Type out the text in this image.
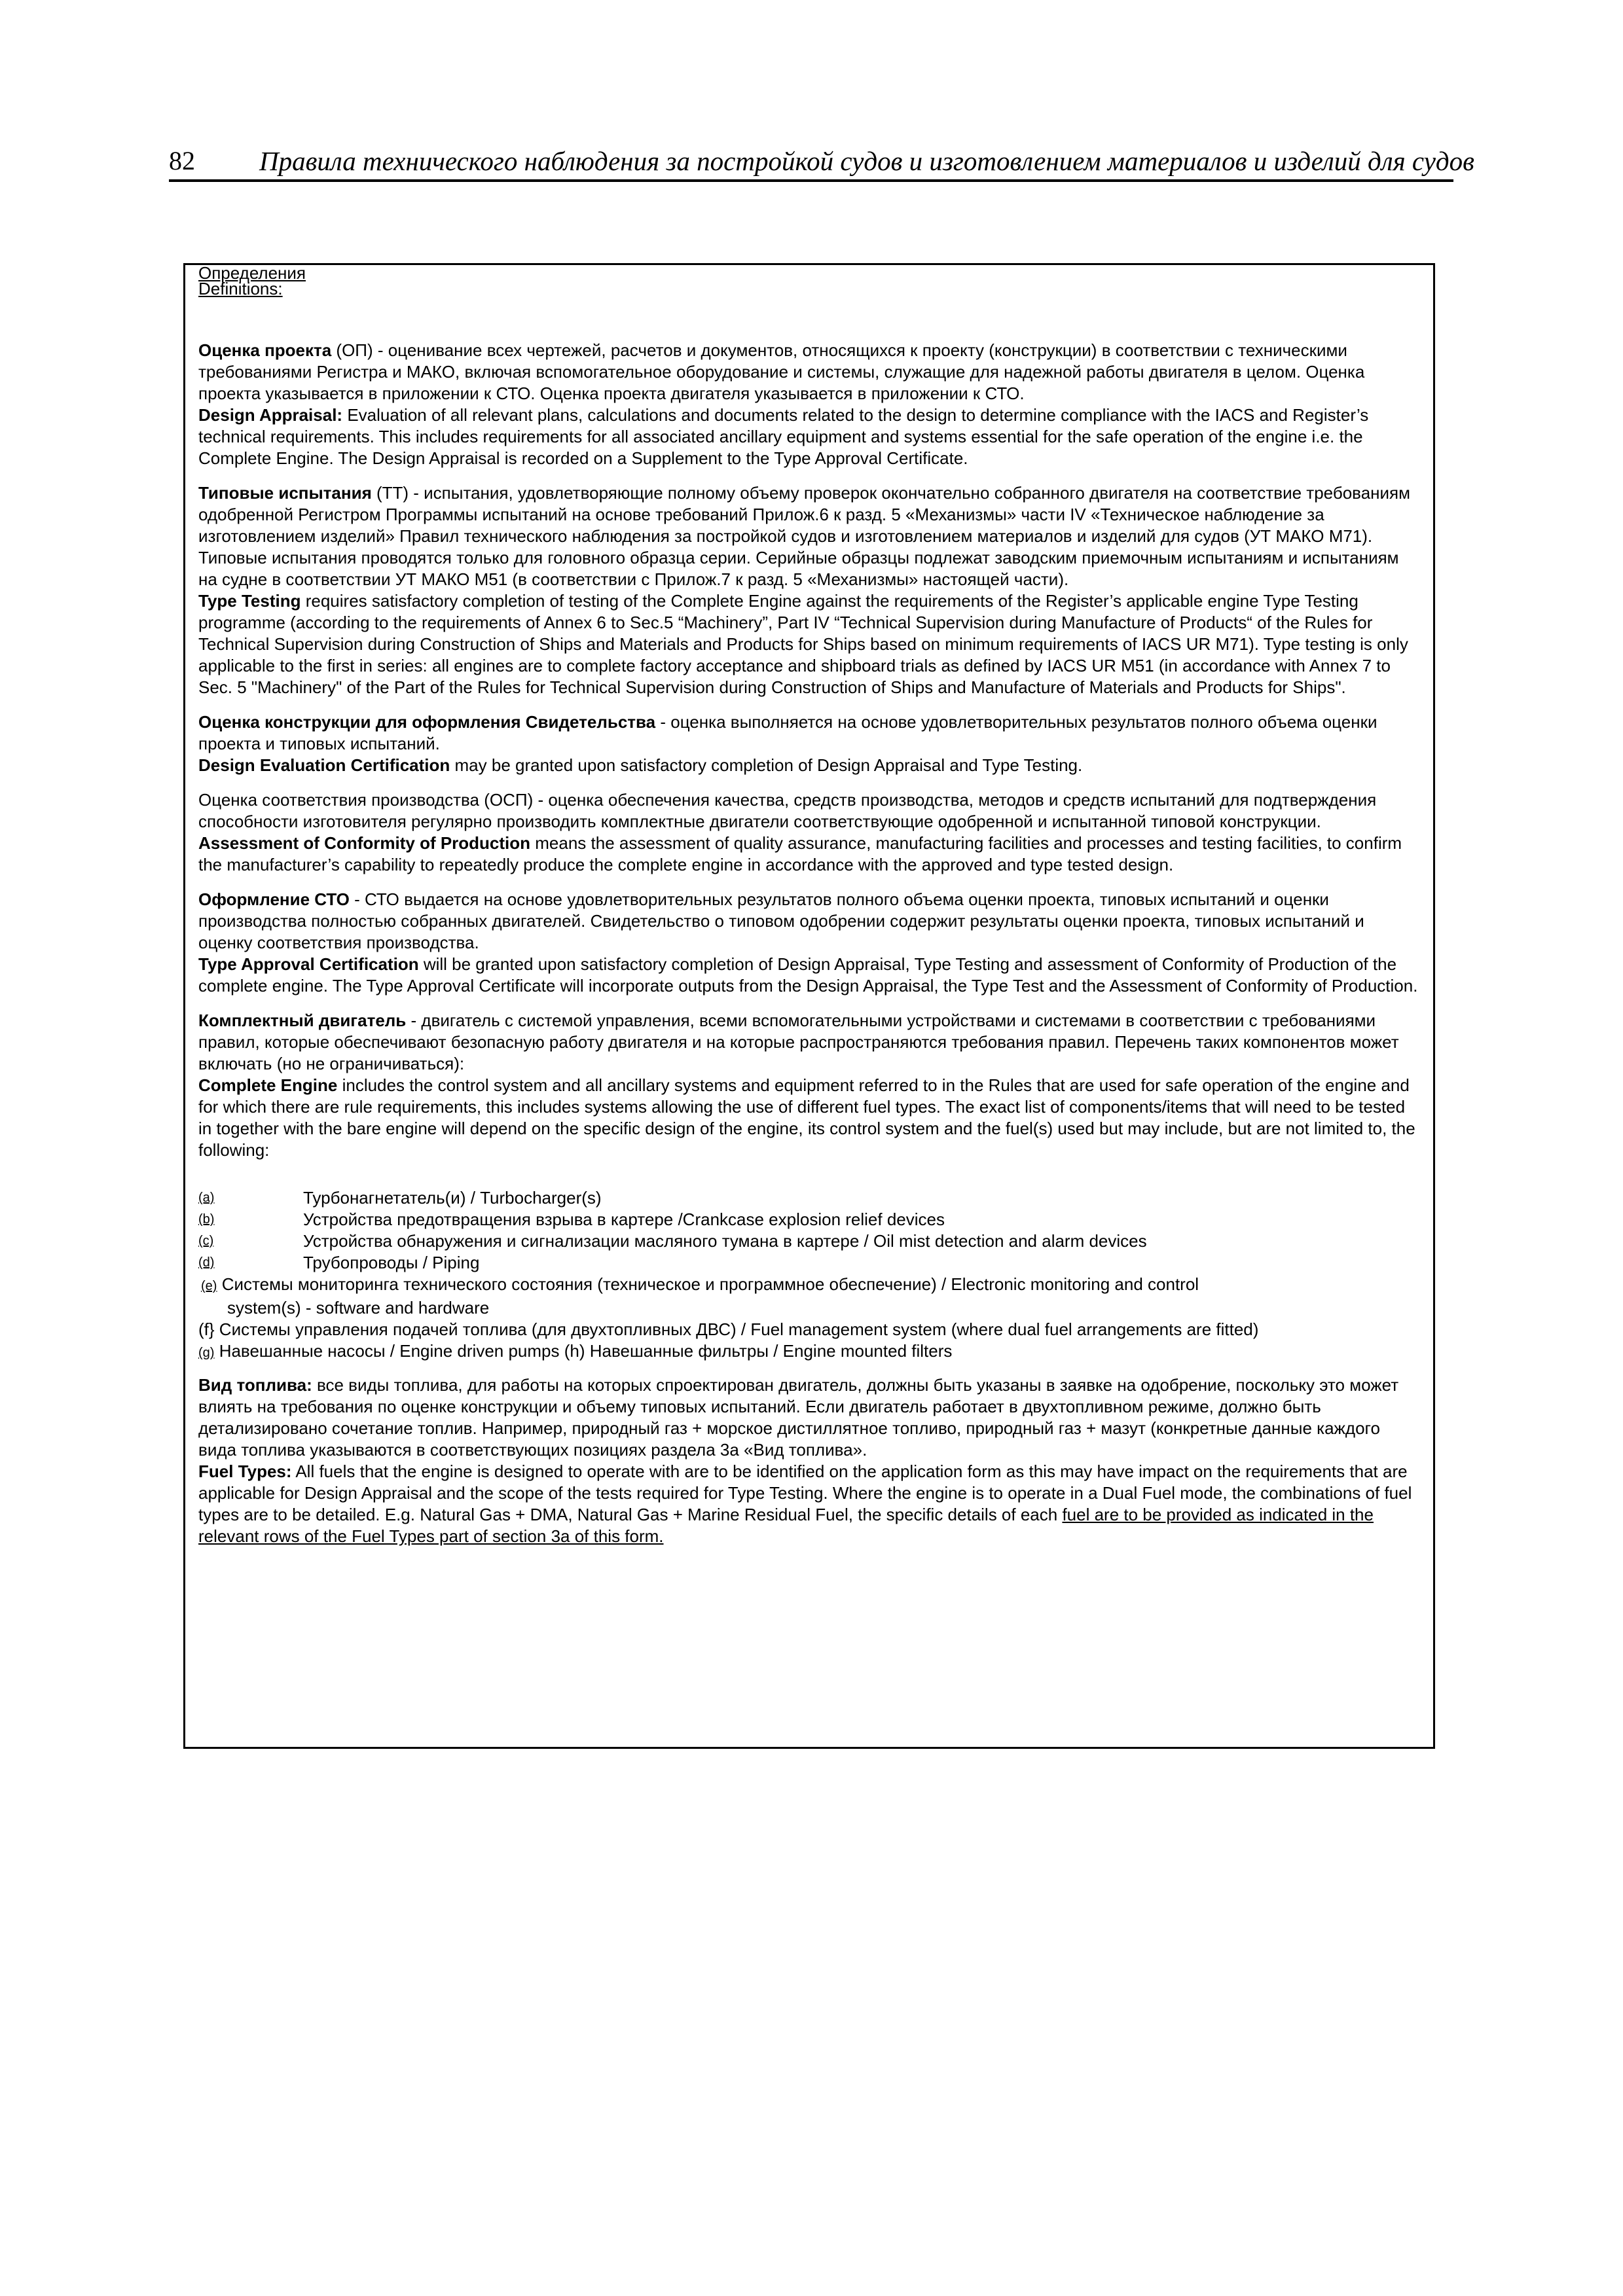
82 Правила технического наблюдения за постройкой судов и изготовлением материалов и изделий для судов
Определения
Definitions:

Оценка проекта (ОП) - оценивание всех чертежей, расчетов и документов, относящихся к проекту (конструкции) в соответствии с техническими требованиями Регистра и МАКО, включая вспомогательное оборудование и системы, служащие для надежной работы двигателя в целом. Оценка проекта указывается в приложении к СТО. Оценка проекта двигателя указывается в приложении к СТО.

Design Appraisal: Evaluation of all relevant plans, calculations and documents related to the design to determine compliance with the IACS and Register’s technical requirements. This includes requirements for all associated ancillary equipment and systems essential for the safe operation of the engine i.e. the Complete Engine. The Design Appraisal is recorded on a Supplement to the Type Approval Certificate.

Типовые испытания (ТТ) - испытания, удовлетворяющие полному объему проверок окончательно собранного двигателя на соответствие требованиям одобренной Регистром Программы испытаний на основе требований Прилож.6 к разд. 5 «Механизмы» части IV «Техническое наблюдение за изготовлением изделий» Правил технического наблюдения за постройкой судов и изготовлением материалов и изделий для судов (УТ МАКО М71). Типовые испытания проводятся только для головного образца серии. Серийные образцы подлежат заводским приемочным испытаниям и испытаниям на судне в соответствии УТ МАКО М51 (в соответствии с Прилож.7 к разд. 5 «Механизмы» настоящей части).

Type Testing requires satisfactory completion of testing of the Complete Engine against the requirements of the Register’s applicable engine Type Testing programme (according to the requirements of Annex 6 to Sec.5 “Machinery”, Part IV “Technical Supervision during Manufacture of Products“ of the Rules for Technical Supervision during Construction of Ships and Materials and Products for Ships based on minimum requirements of IACS UR M71). Type testing is only applicable to the first in series: all engines are to complete factory acceptance and shipboard trials as defined by IACS UR M51 (in accordance with Annex 7 to Sec. 5 "Machinery" of the Part of the Rules for Technical Supervision during Construction of Ships and Manufacture of Materials and Products for Ships".

Оценка конструкции для оформления Свидетельства - оценка выполняется на основе удовлетворительных результатов полного объема оценки проекта и типовых испытаний.

Design Evaluation Certification may be granted upon satisfactory completion of Design Appraisal and Type Testing.

Оценка соответствия производства (ОСП) - оценка обеспечения качества, средств производства, методов и средств испытаний для подтверждения способности изготовителя регулярно производить комплектные двигатели соответствующие одобренной и испытанной типовой конструкции.

Assessment of Conformity of Production means the assessment of quality assurance, manufacturing facilities and processes and testing facilities, to confirm the manufacturer’s capability to repeatedly produce the complete engine in accordance with the approved and type tested design.

Оформление СТО - СТО выдается на основе удовлетворительных результатов полного объема оценки проекта, типовых испытаний и оценки производства полностью собранных двигателей. Свидетельство о типовом одобрении содержит результаты оценки проекта, типовых испытаний и оценку соответствия производства.

Type Approval Certification will be granted upon satisfactory completion of Design Appraisal, Type Testing and assessment of Conformity of Production of the complete engine. The Type Approval Certificate will incorporate outputs from the Design Appraisal, the Type Test and the Assessment of Conformity of Production.

Комплектный двигатель - двигатель с системой управления, всеми вспомогательными устройствами и системами в соответствии с требованиями правил, которые обеспечивают безопасную работу двигателя и на которые распространяются требования правил. Перечень таких компонентов может включать (но не ограничиваться):

Complete Engine includes the control system and all ancillary systems and equipment referred to in the Rules that are used for safe operation of the engine and for which there are rule requirements, this includes systems allowing the use of different fuel types. The exact list of components/items that will need to be tested in together with the bare engine will depend on the specific design of the engine, its control system and the fuel(s) used but may include, but are not limited to, the following:

(a)	Турбонагнетатель(и) / Turbocharger(s)
(b)	Устройства предотвращения взрыва в картере /Crankcase explosion relief devices
(c)	Устройства обнаружения и сигнализации масляного тумана в картере / Oil mist detection and alarm devices
(d)	Трубопроводы / Piping
(e) Системы мониторинга технического состояния (техническое и программное обеспечение) / Electronic monitoring and control
system(s) - software and hardware
(f} Системы управления подачей топлива (для двухтопливных ДВС) / Fuel management system (where dual fuel arrangements are fitted)
(g) Навешанные насосы / Engine driven pumps (h) Навешанные фильтры / Engine mounted filters

Вид топлива: все виды топлива, для работы на которых спроектирован двигатель, должны быть указаны в заявке на одобрение, поскольку это может влиять на требования по оценке конструкции и объему типовых испытаний. Если двигатель работает в двухтопливном режиме, должно быть детализировано сочетание топлив. Например, природный газ + морское дистиллятное топливо, природный газ + мазут (конкретные данные каждого вида топлива указываются в соответствующих позициях раздела 3а «Вид топлива».

Fuel Types: All fuels that the engine is designed to operate with are to be identified on the application form as this may have impact on the requirements that are applicable for Design Appraisal and the scope of the tests required for Type Testing. Where the engine is to operate in a Dual Fuel mode, the combinations of fuel types are to be detailed. E.g. Natural Gas + DMA, Natural Gas + Marine Residual Fuel, the specific details of each fuel are to be provided as indicated in the relevant rows of the Fuel Types part of section 3a of this form.
